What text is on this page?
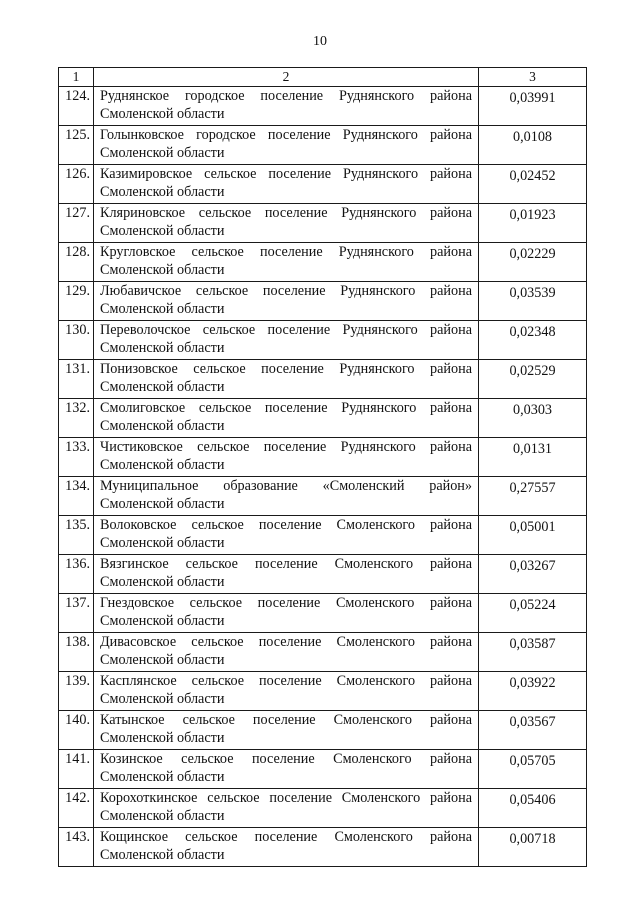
10
1	2	3
124.	Руднянское городское поселение Руднянского района Смоленской области	0,03991
125.	Голынковское городское поселение Руднянского района Смоленской области	0,0108
126.	Казимировское сельское поселение Руднянского района Смоленской области	0,02452
127.	Кляриновское сельское поселение Руднянского района Смоленской области	0,01923
128.	Кругловское сельское поселение Руднянского района Смоленской области	0,02229
129.	Любавичское сельское поселение Руднянского района Смоленской области	0,03539
130.	Переволочское сельское поселение Руднянского района Смоленской области	0,02348
131.	Понизовское сельское поселение Руднянского района Смоленской области	0,02529
132.	Смолиговское сельское поселение Руднянского района Смоленской области	0,0303
133.	Чистиковское сельское поселение Руднянского района Смоленской области	0,0131
134.	Муниципальное образование «Смоленский район» Смоленской области	0,27557
135.	Волоковское сельское поселение Смоленского района Смоленской области	0,05001
136.	Вязгинское сельское поселение Смоленского района Смоленской области	0,03267
137.	Гнездовское сельское поселение Смоленского района Смоленской области	0,05224
138.	Дивасовское сельское поселение Смоленского района Смоленской области	0,03587
139.	Касплянское сельское поселение Смоленского района Смоленской области	0,03922
140.	Катынское сельское поселение Смоленского района Смоленской области	0,03567
141.	Козинское сельское поселение Смоленского района Смоленской области	0,05705
142.	Корохоткинское сельское поселение Смоленского района Смоленской области	0,05406
143.	Кощинское сельское поселение Смоленского района Смоленской области	0,00718
